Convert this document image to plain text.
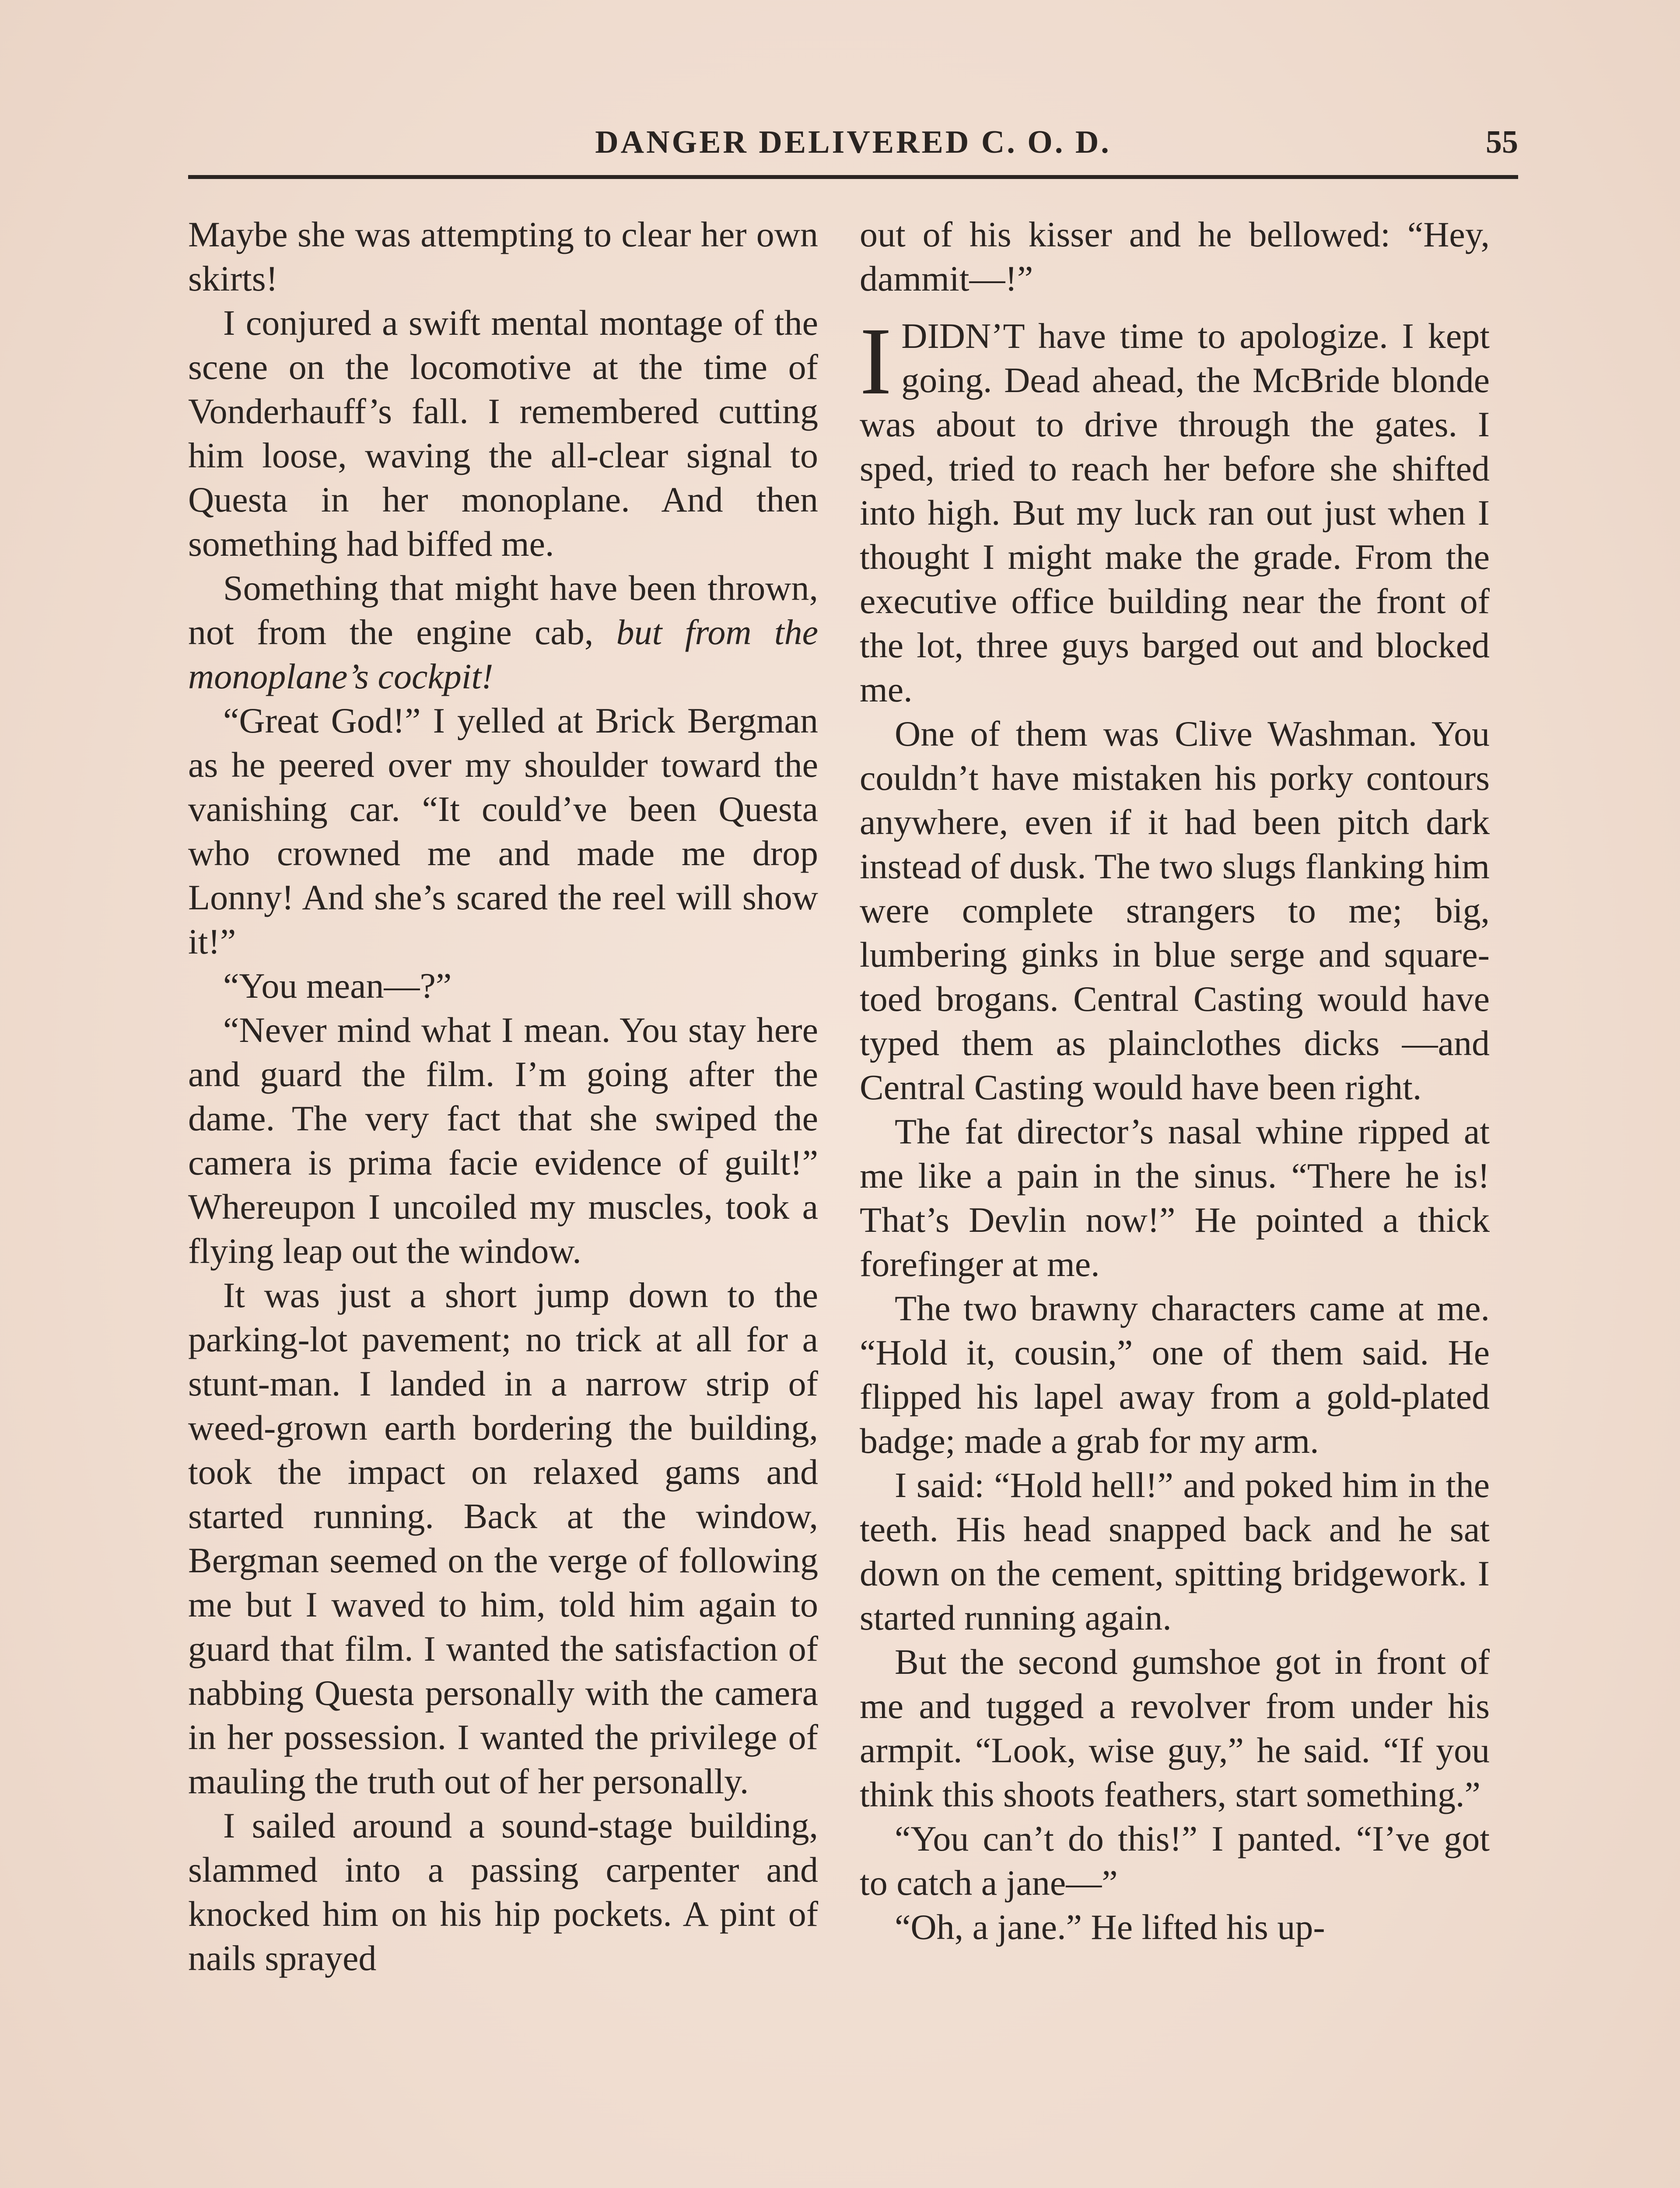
DANGER DELIVERED C. O. D.	55

Maybe she was attempting to clear her own skirts!

I conjured a swift mental montage of the scene on the locomotive at the time of Vonderhauff’s fall. I remembered cutting him loose, waving the all-clear signal to Questa in her monoplane. And then something had biffed me.

Something that might have been thrown, not from the engine cab, but from the monoplane’s cockpit!

“Great God!” I yelled at Brick Bergman as he peered over my shoulder toward the vanishing car. “It could’ve been Questa who crowned me and made me drop Lonny! And she’s scared the reel will show it!”

“You mean—?”

“Never mind what I mean. You stay here and guard the film. I’m going after the dame. The very fact that she swiped the camera is prima facie evidence of guilt!” Whereupon I uncoiled my muscles, took a flying leap out the window.

It was just a short jump down to the parking-lot pavement; no trick at all for a stunt-man. I landed in a narrow strip of weed-grown earth bordering the building, took the impact on relaxed gams and started running. Back at the window, Bergman seemed on the verge of following me but I waved to him, told him again to guard that film. I wanted the satisfaction of nabbing Questa personally with the camera in her possession. I wanted the privilege of mauling the truth out of her personally.

I sailed around a sound-stage building, slammed into a passing carpenter and knocked him on his hip pockets. A pint of nails sprayed

out of his kisser and he bellowed: “Hey, dammit—!”

I DIDN’T have time to apologize. I kept going. Dead ahead, the McBride blonde was about to drive through the gates. I sped, tried to reach her before she shifted into high. But my luck ran out just when I thought I might make the grade. From the executive office building near the front of the lot, three guys barged out and blocked me.

One of them was Clive Washman. You couldn’t have mistaken his porky contours anywhere, even if it had been pitch dark instead of dusk. The two slugs flanking him were complete strangers to me; big, lumbering ginks in blue serge and square-toed brogans. Central Casting would have typed them as plainclothes dicks —and Central Casting would have been right.

The fat director’s nasal whine ripped at me like a pain in the sinus. “There he is! That’s Devlin now!” He pointed a thick forefinger at me.

The two brawny characters came at me. “Hold it, cousin,” one of them said. He flipped his lapel away from a gold-plated badge; made a grab for my arm.

I said: “Hold hell!” and poked him in the teeth. His head snapped back and he sat down on the cement, spitting bridgework. I started running again.

But the second gumshoe got in front of me and tugged a revolver from under his armpit. “Look, wise guy,” he said. “If you think this shoots feathers, start something.”

“You can’t do this!” I panted. “I’ve got to catch a jane—”

“Oh, a jane.” He lifted his up-
